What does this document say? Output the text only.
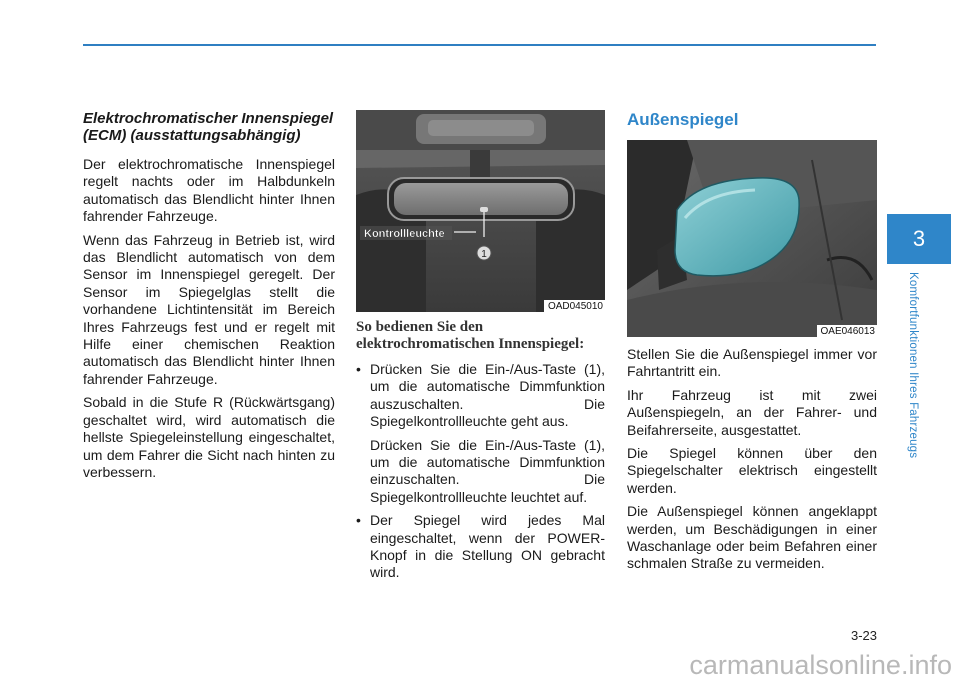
Elektrochromatischer Innenspiegel (ECM) (ausstattungsabhängig)

Der elektrochromatische Innenspiegel regelt nachts oder im Halbdunkeln automatisch das Blendlicht hinter Ihnen fahrender Fahrzeuge.

Wenn das Fahrzeug in Betrieb ist, wird das Blendlicht automatisch von dem Sensor im Innenspiegel geregelt. Der Sensor im Spiegelglas stellt die vorhandene Lichtintensität im Bereich Ihres Fahrzeugs fest und er regelt mit Hilfe einer chemischen Reaktion automatisch das Blendlicht hinter Ihnen fahrender Fahrzeuge.

Sobald in die Stufe R (Rückwärtsgang) geschaltet wird, wird automatisch die hellste Spiegeleinstellung eingeschaltet, um dem Fahrer die Sicht nach hinten zu verbessern.

1
Kontrollleuchte
OAD045010
So bedienen Sie den elektrochromatischen Innenspiegel:
• Drücken Sie die Ein-/Aus-Taste (1), um die automatische Dimmfunktion auszuschalten. Die Spiegelkontrollleuchte geht aus.
Drücken Sie die Ein-/Aus-Taste (1), um die automatische Dimmfunktion einzuschalten. Die Spiegelkontrollleuchte leuchtet auf.
• Der Spiegel wird jedes Mal eingeschaltet, wenn der POWER-Knopf in die Stellung ON gebracht wird.
Außenspiegel
OAE046013

Stellen Sie die Außenspiegel immer vor Fahrtantritt ein.

Ihr Fahrzeug ist mit zwei Außenspiegeln, an der Fahrer- und Beifahrerseite, ausgestattet.

Die Spiegel können über den Spiegelschalter elektrisch eingestellt werden.

Die Außenspiegel können angeklappt werden, um Beschädigungen in einer Waschanlage oder beim Befahren einer schmalen Straße zu vermeiden.

3
Komfortfunktionen Ihres Fahrzeugs
3-23
carmanualsonline.info
